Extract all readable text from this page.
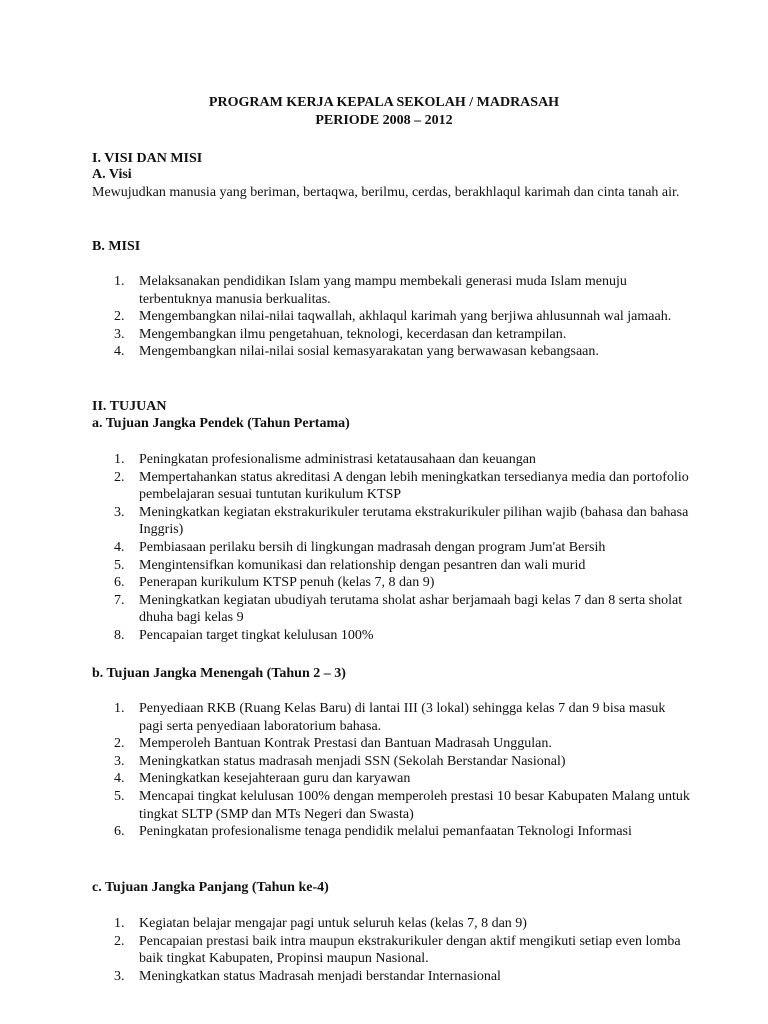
PROGRAM KERJA KEPALA SEKOLAH / MADRASAH
PERIODE 2008 – 2012
I. VISI DAN MISI
A. Visi
Mewujudkan manusia yang beriman, bertaqwa, berilmu, cerdas, berakhlaqul karimah dan cinta tanah air.
B. MISI
1.	Melaksanakan pendidikan Islam yang mampu membekali generasi muda Islam menuju terbentuknya manusia berkualitas.
2.	Mengembangkan nilai-nilai taqwallah, akhlaqul karimah yang berjiwa ahlusunnah wal jamaah.
3.	Mengembangkan ilmu pengetahuan, teknologi, kecerdasan dan ketrampilan.
4.	Mengembangkan nilai-nilai sosial kemasyarakatan yang berwawasan kebangsaan.
II. TUJUAN
a. Tujuan Jangka Pendek (Tahun Pertama)
1.	Peningkatan profesionalisme administrasi ketatausahaan dan keuangan
2.	Mempertahankan status akreditasi A dengan lebih meningkatkan tersedianya media dan portofolio pembelajaran sesuai tuntutan kurikulum KTSP
3.	Meningkatkan kegiatan ekstrakurikuler terutama ekstrakurikuler pilihan wajib (bahasa dan bahasa Inggris)
4.	Pembiasaan perilaku bersih di lingkungan madrasah dengan program Jum'at Bersih
5.	Mengintensifkan komunikasi dan relationship dengan pesantren dan wali murid
6.	Penerapan kurikulum KTSP penuh (kelas 7, 8 dan 9)
7.	Meningkatkan kegiatan ubudiyah terutama sholat ashar berjamaah bagi kelas 7 dan 8 serta sholat dhuha bagi kelas 9
8.	Pencapaian target tingkat kelulusan 100%
b. Tujuan Jangka Menengah (Tahun 2 – 3)
1.	Penyediaan RKB (Ruang Kelas Baru) di lantai III (3 lokal) sehingga kelas 7 dan 9 bisa masuk pagi serta penyediaan laboratorium bahasa.
2.	Memperoleh Bantuan Kontrak Prestasi dan Bantuan Madrasah Unggulan.
3.	Meningkatkan status madrasah menjadi SSN (Sekolah Berstandar Nasional)
4.	Meningkatkan kesejahteraan guru dan karyawan
5.	Mencapai tingkat kelulusan 100% dengan memperoleh prestasi 10 besar Kabupaten Malang untuk tingkat SLTP (SMP dan MTs Negeri dan Swasta)
6.	Peningkatan profesionalisme tenaga pendidik melalui pemanfaatan Teknologi Informasi
c. Tujuan Jangka Panjang (Tahun ke-4)
1.	Kegiatan belajar mengajar pagi untuk seluruh kelas (kelas 7, 8 dan 9)
2.	Pencapaian prestasi baik intra maupun ekstrakurikuler dengan aktif mengikuti setiap even lomba baik tingkat Kabupaten, Propinsi maupun Nasional.
3.	Meningkatkan status Madrasah menjadi berstandar Internasional
